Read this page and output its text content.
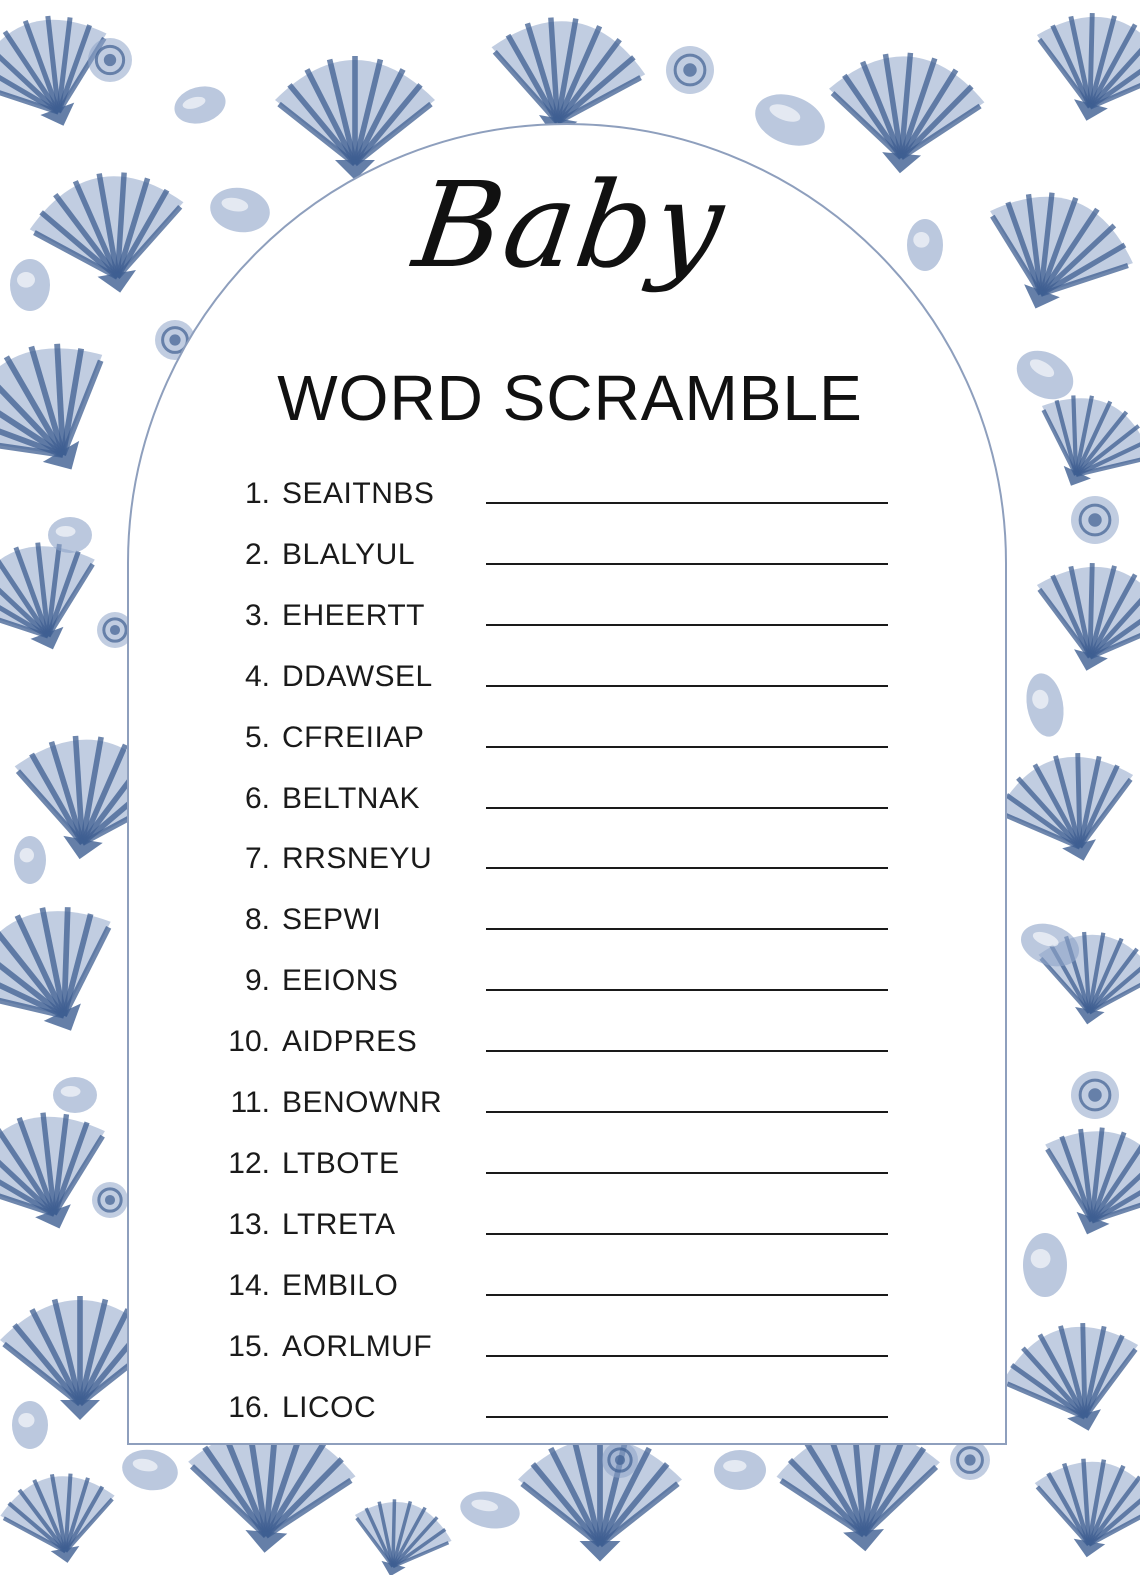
Baby
WORD SCRAMBLE
1. SEAITNBS
2. BLALYUL
3. EHEERTT
4. DDAWSEL
5. CFREIIAP
6. BELTNAK
7. RRSNEYU
8. SEPWI
9. EEIONS
10. AIDPRES
11. BENOWNR
12. LTBOTE
13. LTRETA
14. EMBILO
15. AORLMUF
16. LICOC
